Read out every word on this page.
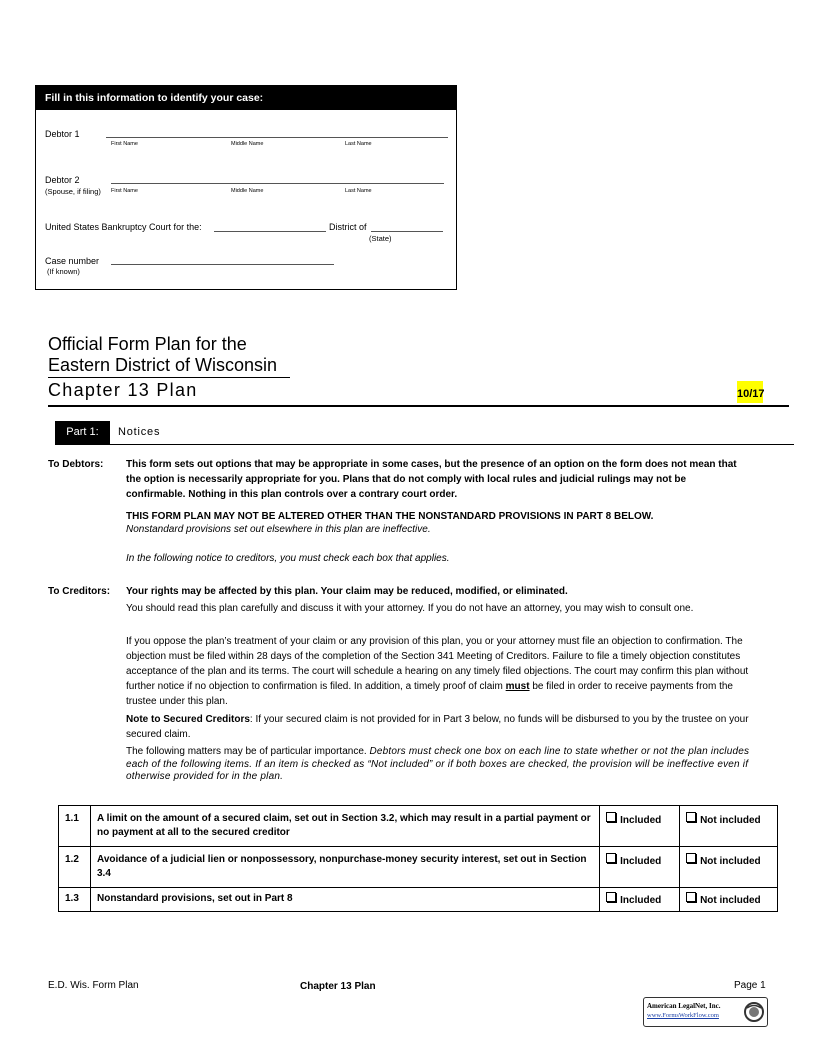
Fill in this information to identify your case:
Debtor 1
First Name	Middle Name	Last Name
Debtor 2
(Spouse, if filing) First Name	Middle Name	Last Name
United States Bankruptcy Court for the:	District of
(State)
Case number
(If known)
Official Form Plan for the
Eastern District of Wisconsin
Chapter 13 Plan	10/17
Part 1:	Notices
To Debtors: This form sets out options that may be appropriate in some cases, but the presence of an option on the form does not mean that the option is necessarily appropriate for you. Plans that do not comply with local rules and judicial rulings may not be confirmable. Nothing in this plan controls over a contrary court order.
THIS FORM PLAN MAY NOT BE ALTERED OTHER THAN THE NONSTANDARD PROVISIONS IN PART 8 BELOW.
Nonstandard provisions set out elsewhere in this plan are ineffective.
In the following notice to creditors, you must check each box that applies.
To Creditors: Your rights may be affected by this plan. Your claim may be reduced, modified, or eliminated.
You should read this plan carefully and discuss it with your attorney. If you do not have an attorney, you may wish to consult one.
If you oppose the plan’s treatment of your claim or any provision of this plan, you or your attorney must file an objection to confirmation. The objection must be filed within 28 days of the completion of the Section 341 Meeting of Creditors. Failure to file a timely objection constitutes acceptance of the plan and its terms. The court will schedule a hearing on any timely filed objections. The court may confirm this plan without further notice if no objection to confirmation is filed. In addition, a timely proof of claim must be filed in order to receive payments from the trustee under this plan.
Note to Secured Creditors: If your secured claim is not provided for in Part 3 below, no funds will be disbursed to you by the trustee on your secured claim.
The following matters may be of particular importance. Debtors must check one box on each line to state whether or not the plan includes each of the following items. If an item is checked as “Not included” or if both boxes are checked, the provision will be ineffective even if otherwise provided for in the plan.
1.1	A limit on the amount of a secured claim, set out in Section 3.2, which may result in a partial payment or no payment at all to the secured creditor	Included	Not included
1.2	Avoidance of a judicial lien or nonpossessory, nonpurchase-money security interest, set out in Section 3.4	Included	Not included
1.3	Nonstandard provisions, set out in Part 8	Included	Not included
E.D. Wis. Form Plan	Chapter 13 Plan	Page 1
American LegalNet, Inc.
www.FormsWorkFlow.com
